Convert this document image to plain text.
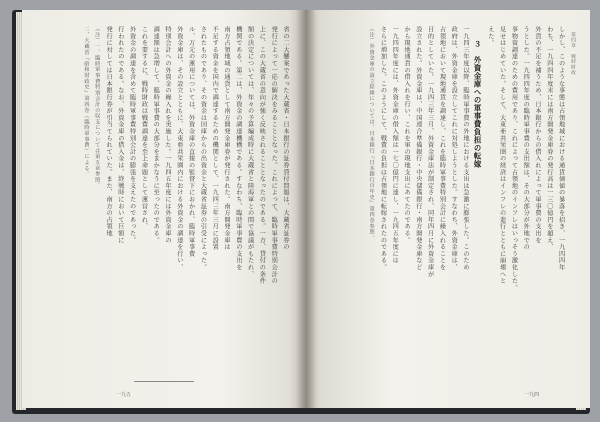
省の二大懸案であった大蔵省・日本銀行の証券貸付問題は、大蔵省証券の
発行によって一応の解決をみることとなった。これによって、臨時軍事費特別会計の
上に、この大蔵省の意向が強く反映されることとなったのである。一方、貸付の条件
額の決定については、年々の予算編成時に大蔵省と陸海軍との間で協議がもたれ、
機関である。第二は、外資金の調達機構である。すなわち、臨時軍事費の支出を
南方占領地域の通貨として南方開発金庫券が発行された。南方開発金庫は
不足する資金を国内で調達するための機関として、一九四三年三月に設置
されたものであり、その資金は国庫からの出資金と大蔵省証券の引受によった。
ル、万元の運用については、外資金庫の直接の監督下におかれ、臨時軍事費
外資金庫は、その設立とともに、大東亜共栄圏内における外資金の調達を行い、
特別会計への外資金の繰入れを実施した。一九四五年度には外資金庫の
調達額は急増して、臨時軍事費の大部分をまかなうに至ったのである。
これを要するに、戦時財政は戦費調達を至上命題として運営され、
外資金の調達を含めて臨時軍事費特別会計の膨張を支えたのであった。
行われたのである。なお、外資金庫の借入金は、終戦時において巨額に
発行に対しては日本銀行券が引当てられていた。また、南方の占領地
（注）一、臨時軍事費特別会計の収支については第五章参照。
二、大蔵省『昭和財政史』第四巻（臨時軍事費）による。
一九五
第四章　戦時財政
しかし、このような事態は占領地域における通貨価値の暴落を招き、一九四四年
わち、一九四四年度末には南方開発金庫券の発行高は一三〇億円を超え、
外貨の不足を補うため、日本銀行からの借入れによって軍事費の支出を
うとした。一九四四年度の臨時軍事費の支出額は、その大部分が外地での
事物資調達のための費用であり、これによって占領地のインフレはいっそう激化した。
見せはじめていた。そして、大東亜共栄圏の経済はインフレの進行とともに崩壊へと
えた。
３　外資金庫への軍事費負担の転嫁
一九四三年度以降、臨時軍事費の外地における支出は急激に膨張した。このため
政府は、外資金庫を設立してこれに対処しようとした。すなわち、外資金庫は、
占領地において現地通貨を調達し、これを臨時軍事費特別会計に繰入れることを
目的としていた。一九四三年三月、外資金庫法が制定され、同年四月に外資金庫が
設立された。外資金庫は、中国連合準備銀行・中央儲備銀行・南方開発金庫など
から現地通貨の借入れを行い、これを軍の現地支出にあてたのである。
一九四四年度には、外資金庫の借入額は一七〇億円に達し、一九四五年度には
さらに増加した。このようにして、戦費の負担は占領地に転嫁されたのである。
（注）外資金庫の設立経緯については、日本銀行『日本銀行百年史』第四巻参照。
一九四
